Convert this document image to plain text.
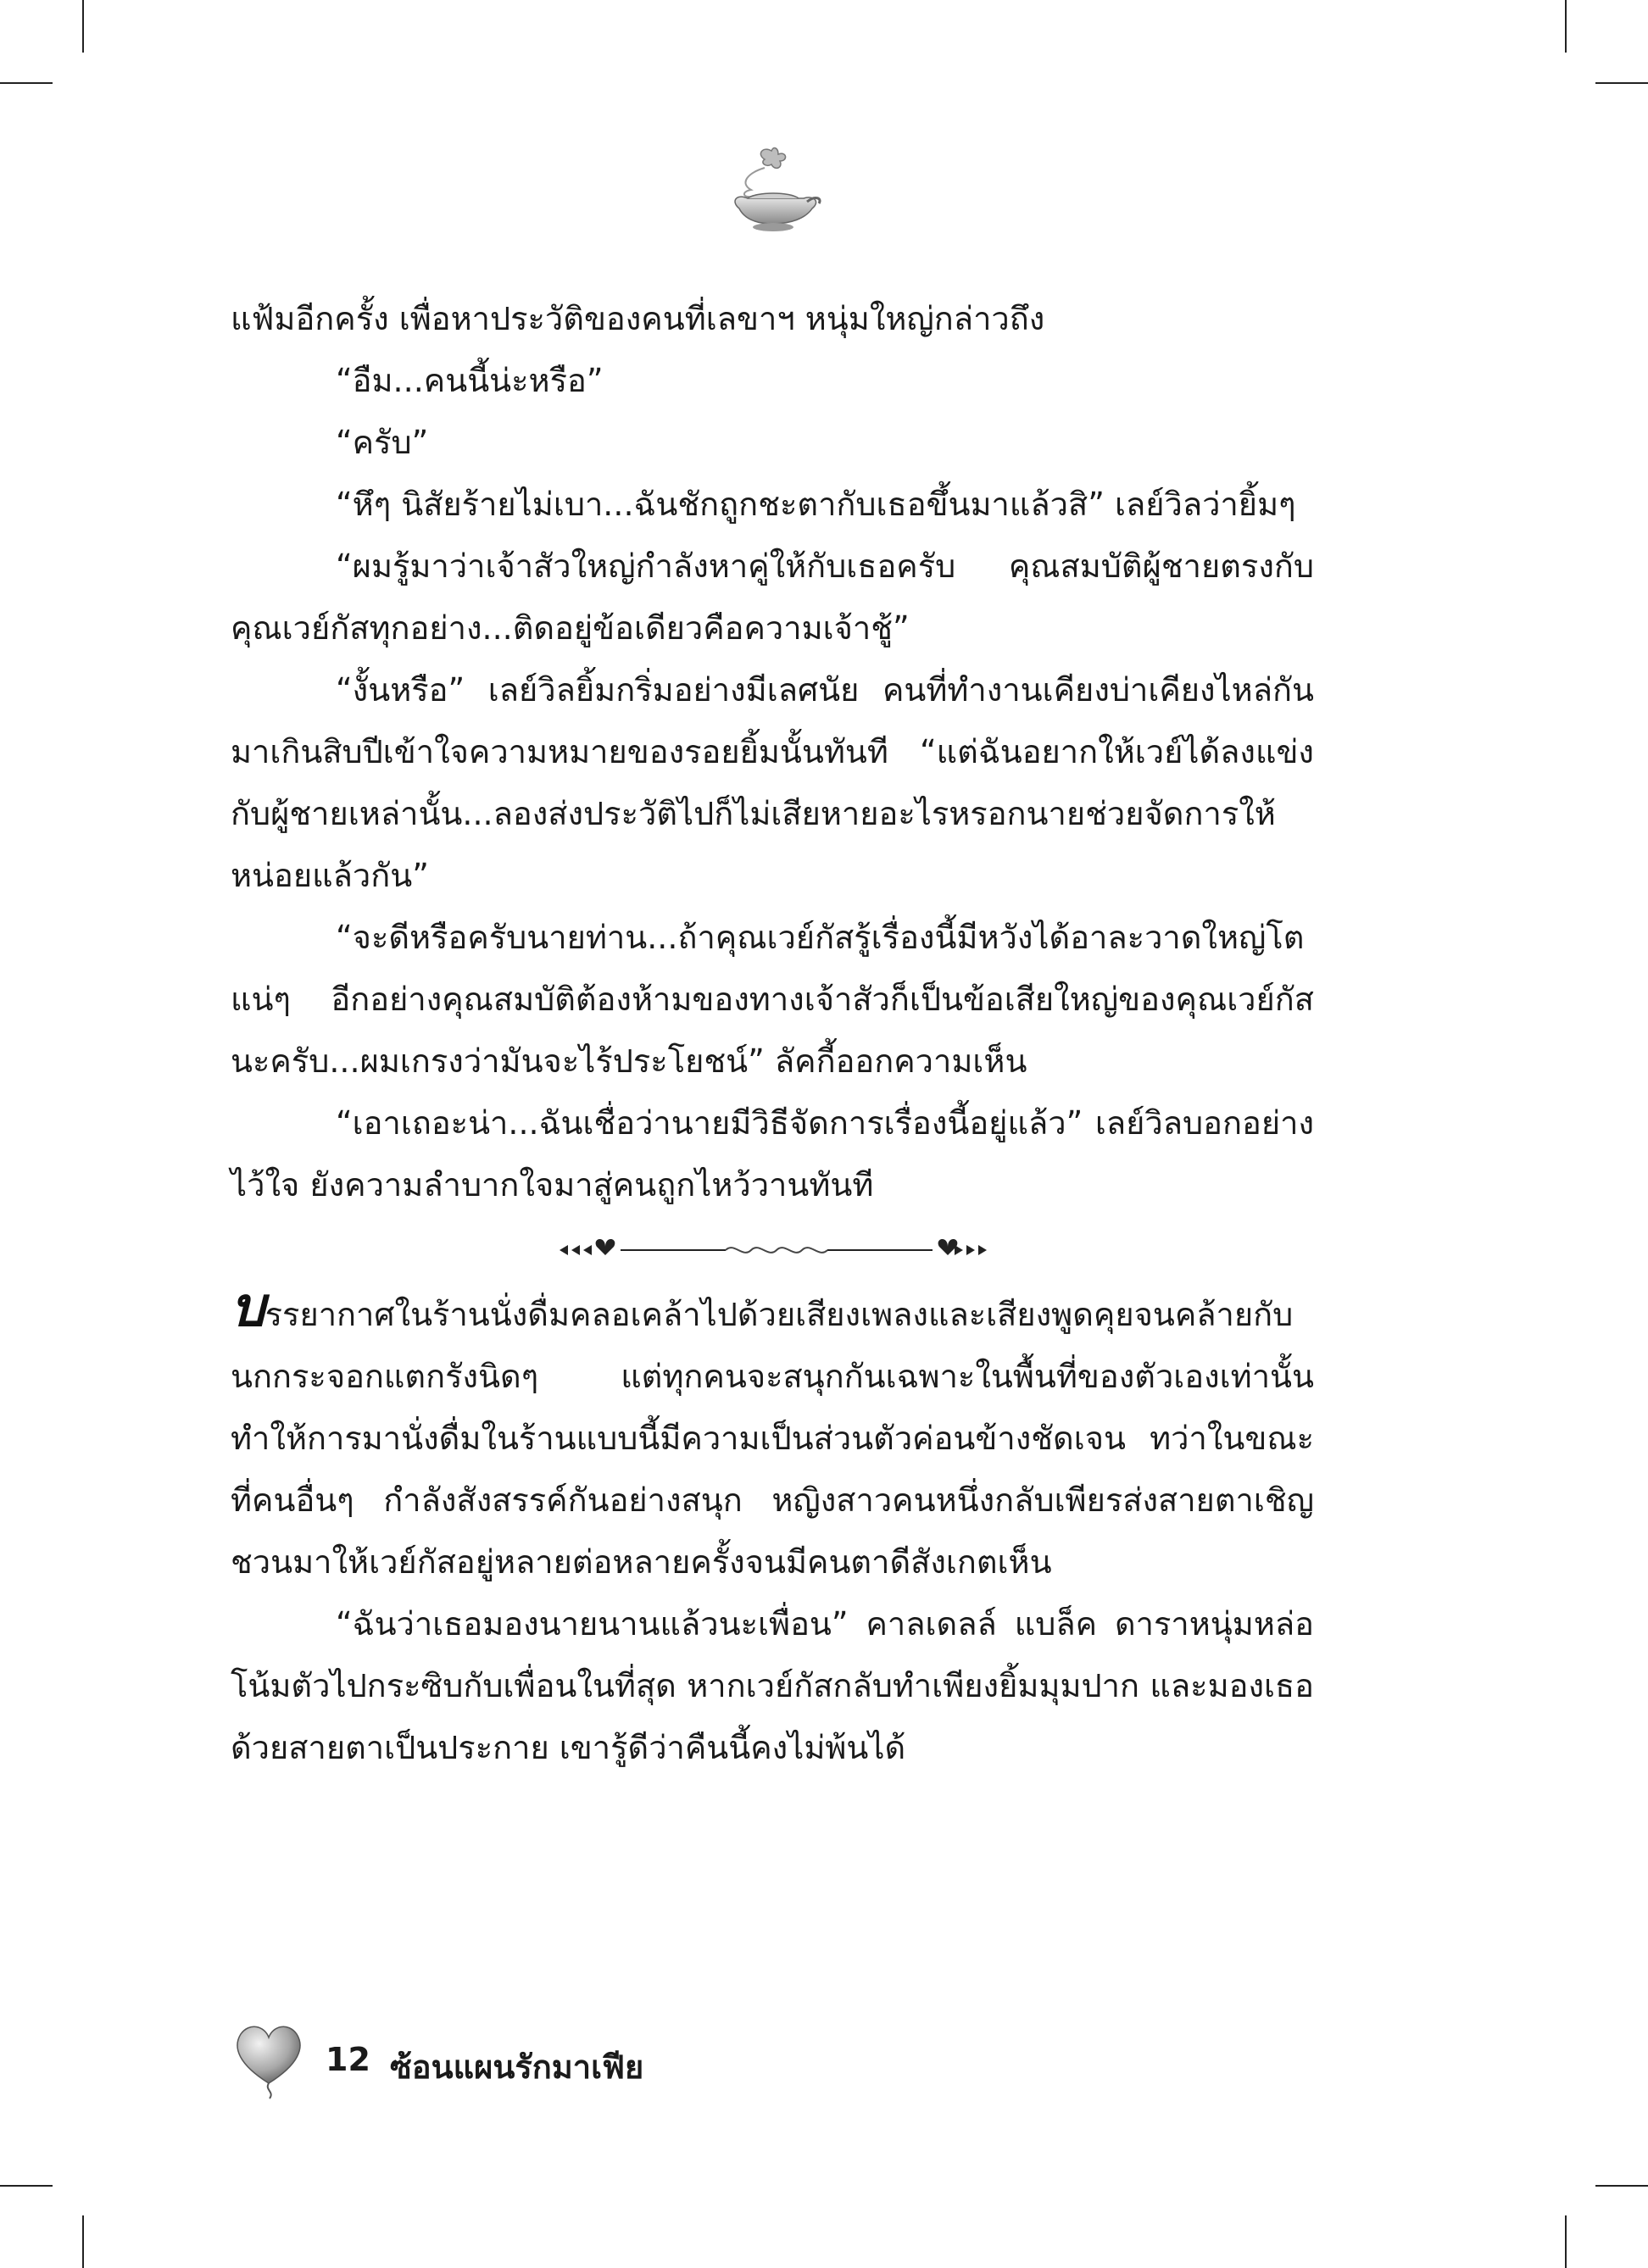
แฟ้มอีกครั้ง เพื่อหาประวัติของคนที่เลขาฯ หนุ่มใหญ่กล่าวถึง

“อืม...คนนี้น่ะหรือ”

“ครับ”

“หึๆ นิสัยร้ายไม่เบา...ฉันชักถูกชะตากับเธอขึ้นมาแล้วสิ” เลย์วิลว่ายิ้มๆ

“ผมรู้มาว่าเจ้าสัวใหญ่กำลังหาคู่ให้กับเธอครับ คุณสมบัติผู้ชายตรงกับคุณเวย์กัสทุกอย่าง...ติดอยู่ข้อเดียวคือความเจ้าชู้”

“งั้นหรือ” เลย์วิลยิ้มกริ่มอย่างมีเลศนัย คนที่ทำงานเคียงบ่าเคียงไหล่กันมาเกินสิบปีเข้าใจความหมายของรอยยิ้มนั้นทันที “แต่ฉันอยากให้เวย์ได้ลงแข่งกับผู้ชายเหล่านั้น...ลองส่งประวัติไปก็ไม่เสียหายอะไรหรอกนายช่วยจัดการให้หน่อยแล้วกัน”

“จะดีหรือครับนายท่าน...ถ้าคุณเวย์กัสรู้เรื่องนี้มีหวังได้อาละวาดใหญ่โตแน่ๆ อีกอย่างคุณสมบัติต้องห้ามของทางเจ้าสัวก็เป็นข้อเสียใหญ่ของคุณเวย์กัสนะครับ...ผมเกรงว่ามันจะไร้ประโยชน์” ลัคกี้ออกความเห็น

“เอาเถอะน่า...ฉันเชื่อว่านายมีวิธีจัดการเรื่องนี้อยู่แล้ว” เลย์วิลบอกอย่างไว้ใจ ยังความลำบากใจมาสู่คนถูกไหว้วานทันที

บรรยากาศในร้านนั่งดื่มคลอเคล้าไปด้วยเสียงเพลงและเสียงพูดคุยจนคล้ายกับนกกระจอกแตกรังนิดๆ แต่ทุกคนจะสนุกกันเฉพาะในพื้นที่ของตัวเองเท่านั้น ทำให้การมานั่งดื่มในร้านแบบนี้มีความเป็นส่วนตัวค่อนข้างชัดเจน ทว่าในขณะที่คนอื่นๆ กำลังสังสรรค์กันอย่างสนุก หญิงสาวคนหนึ่งกลับเพียรส่งสายตาเชิญชวนมาให้เวย์กัสอยู่หลายต่อหลายครั้งจนมีคนตาดีสังเกตเห็น

“ฉันว่าเธอมองนายนานแล้วนะเพื่อน” คาลเดลล์ แบล็ค ดาราหนุ่มหล่อโน้มตัวไปกระซิบกับเพื่อนในที่สุด หากเวย์กัสกลับทำเพียงยิ้มมุมปาก และมองเธอด้วยสายตาเป็นประกาย เขารู้ดีว่าคืนนี้คงไม่พ้นได้

12 ซ้อนแผนรักมาเฟีย
